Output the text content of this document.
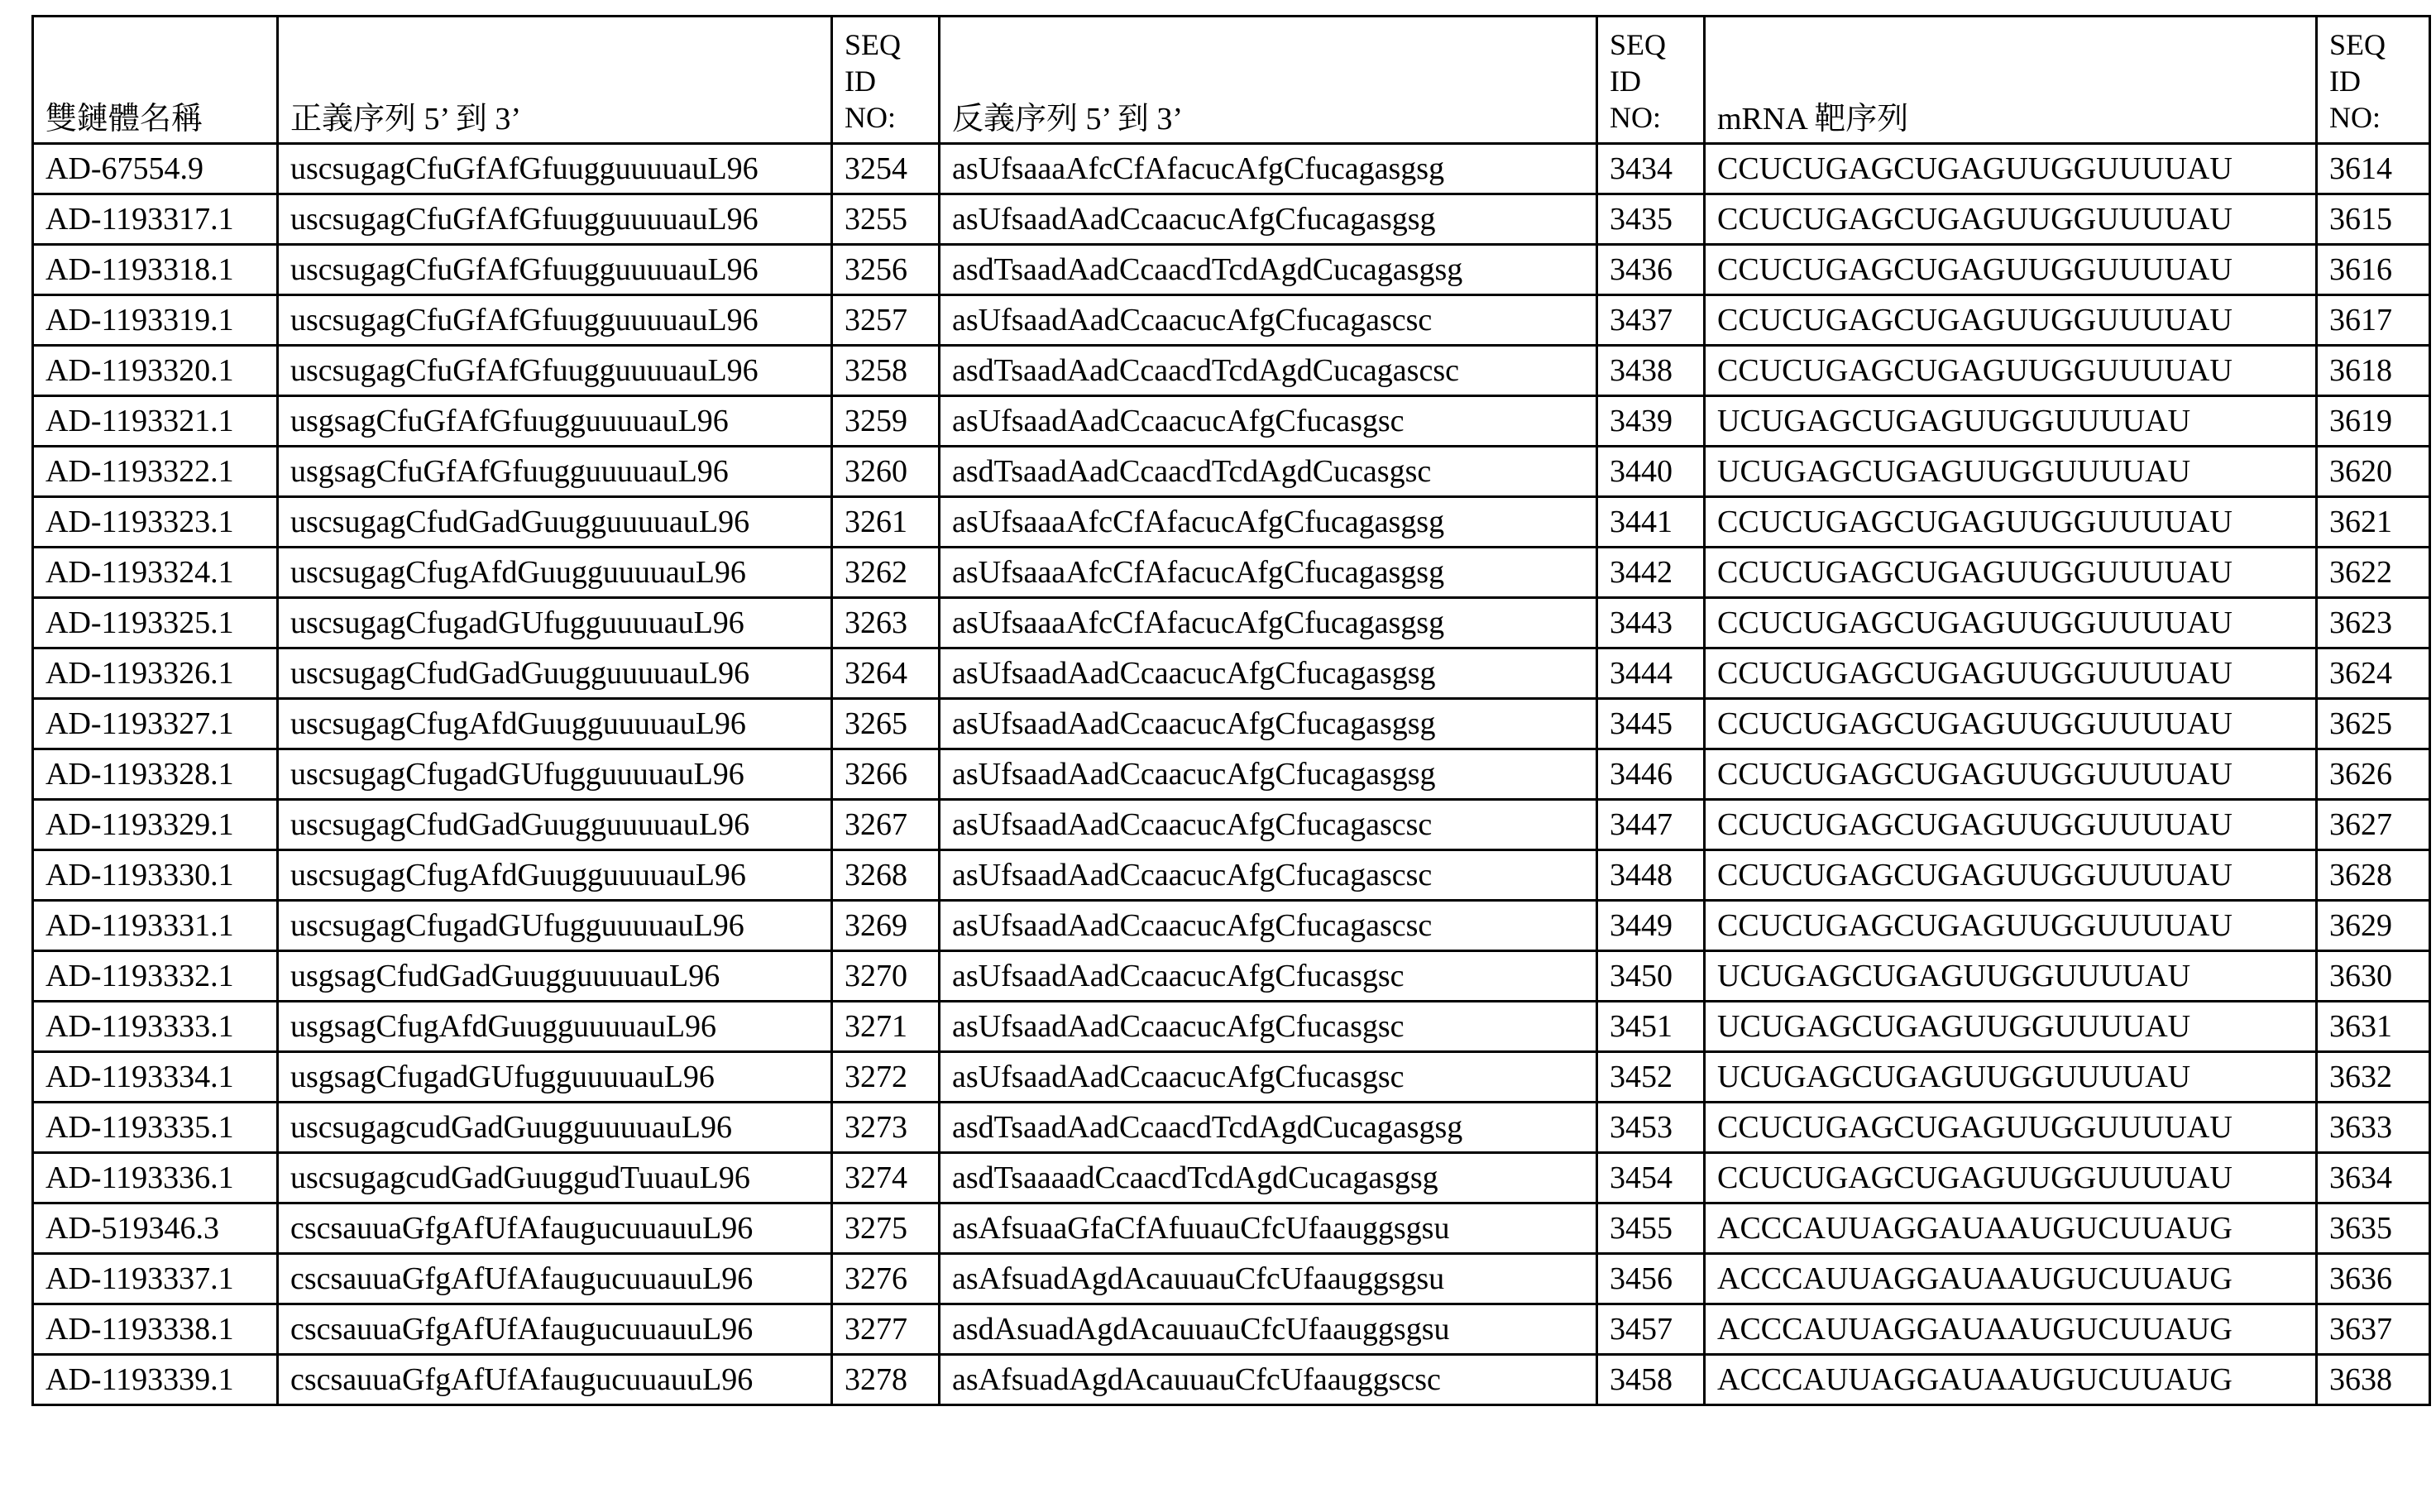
雙鏈體名稱	正義序列 5’ 到 3’	SEQ
ID
NO:	反義序列 5’ 到 3’	SEQ
ID
NO:	mRNA 靶序列	SEQ
ID
NO:

AD-67554.9	uscsugagCfuGfAfGfuugguuuuauL96	3254	asUfsaaaAfcCfAfacucAfgCfucagasgsg	3434	CCUCUGAGCUGAGUUGGUUUUAU	3614
AD-1193317.1	uscsugagCfuGfAfGfuugguuuuauL96	3255	asUfsaadAadCcaacucAfgCfucagasgsg	3435	CCUCUGAGCUGAGUUGGUUUUAU	3615
AD-1193318.1	uscsugagCfuGfAfGfuugguuuuauL96	3256	asdTsaadAadCcaacdTcdAgdCucagasgsg	3436	CCUCUGAGCUGAGUUGGUUUUAU	3616
AD-1193319.1	uscsugagCfuGfAfGfuugguuuuauL96	3257	asUfsaadAadCcaacucAfgCfucagascsc	3437	CCUCUGAGCUGAGUUGGUUUUAU	3617
AD-1193320.1	uscsugagCfuGfAfGfuugguuuuauL96	3258	asdTsaadAadCcaacdTcdAgdCucagascsc	3438	CCUCUGAGCUGAGUUGGUUUUAU	3618
AD-1193321.1	usgsagCfuGfAfGfuugguuuuauL96	3259	asUfsaadAadCcaacucAfgCfucasgsc	3439	UCUGAGCUGAGUUGGUUUUAU	3619
AD-1193322.1	usgsagCfuGfAfGfuugguuuuauL96	3260	asdTsaadAadCcaacdTcdAgdCucasgsc	3440	UCUGAGCUGAGUUGGUUUUAU	3620
AD-1193323.1	uscsugagCfudGadGuugguuuuauL96	3261	asUfsaaaAfcCfAfacucAfgCfucagasgsg	3441	CCUCUGAGCUGAGUUGGUUUUAU	3621
AD-1193324.1	uscsugagCfugAfdGuugguuuuauL96	3262	asUfsaaaAfcCfAfacucAfgCfucagasgsg	3442	CCUCUGAGCUGAGUUGGUUUUAU	3622
AD-1193325.1	uscsugagCfugadGUfugguuuuauL96	3263	asUfsaaaAfcCfAfacucAfgCfucagasgsg	3443	CCUCUGAGCUGAGUUGGUUUUAU	3623
AD-1193326.1	uscsugagCfudGadGuugguuuuauL96	3264	asUfsaadAadCcaacucAfgCfucagasgsg	3444	CCUCUGAGCUGAGUUGGUUUUAU	3624
AD-1193327.1	uscsugagCfugAfdGuugguuuuauL96	3265	asUfsaadAadCcaacucAfgCfucagasgsg	3445	CCUCUGAGCUGAGUUGGUUUUAU	3625
AD-1193328.1	uscsugagCfugadGUfugguuuuauL96	3266	asUfsaadAadCcaacucAfgCfucagasgsg	3446	CCUCUGAGCUGAGUUGGUUUUAU	3626
AD-1193329.1	uscsugagCfudGadGuugguuuuauL96	3267	asUfsaadAadCcaacucAfgCfucagascsc	3447	CCUCUGAGCUGAGUUGGUUUUAU	3627
AD-1193330.1	uscsugagCfugAfdGuugguuuuauL96	3268	asUfsaadAadCcaacucAfgCfucagascsc	3448	CCUCUGAGCUGAGUUGGUUUUAU	3628
AD-1193331.1	uscsugagCfugadGUfugguuuuauL96	3269	asUfsaadAadCcaacucAfgCfucagascsc	3449	CCUCUGAGCUGAGUUGGUUUUAU	3629
AD-1193332.1	usgsagCfudGadGuugguuuuauL96	3270	asUfsaadAadCcaacucAfgCfucasgsc	3450	UCUGAGCUGAGUUGGUUUUAU	3630
AD-1193333.1	usgsagCfugAfdGuugguuuuauL96	3271	asUfsaadAadCcaacucAfgCfucasgsc	3451	UCUGAGCUGAGUUGGUUUUAU	3631
AD-1193334.1	usgsagCfugadGUfugguuuuauL96	3272	asUfsaadAadCcaacucAfgCfucasgsc	3452	UCUGAGCUGAGUUGGUUUUAU	3632
AD-1193335.1	uscsugagcudGadGuugguuuuauL96	3273	asdTsaadAadCcaacdTcdAgdCucagasgsg	3453	CCUCUGAGCUGAGUUGGUUUUAU	3633
AD-1193336.1	uscsugagcudGadGuuggudTuuauL96	3274	asdTsaaaadCcaacdTcdAgdCucagasgsg	3454	CCUCUGAGCUGAGUUGGUUUUAU	3634
AD-519346.3	cscsauuaGfgAfUfAfaugucuuauuL96	3275	asAfsuaaGfaCfAfuuauCfcUfaauggsgsu	3455	ACCCAUUAGGAUAAUGUCUUAUG	3635
AD-1193337.1	cscsauuaGfgAfUfAfaugucuuauuL96	3276	asAfsuadAgdAcauuauCfcUfaauggsgsu	3456	ACCCAUUAGGAUAAUGUCUUAUG	3636
AD-1193338.1	cscsauuaGfgAfUfAfaugucuuauuL96	3277	asdAsuadAgdAcauuauCfcUfaauggsgsu	3457	ACCCAUUAGGAUAAUGUCUUAUG	3637
AD-1193339.1	cscsauuaGfgAfUfAfaugucuuauuL96	3278	asAfsuadAgdAcauuauCfcUfaauggscsc	3458	ACCCAUUAGGAUAAUGUCUUAUG	3638
